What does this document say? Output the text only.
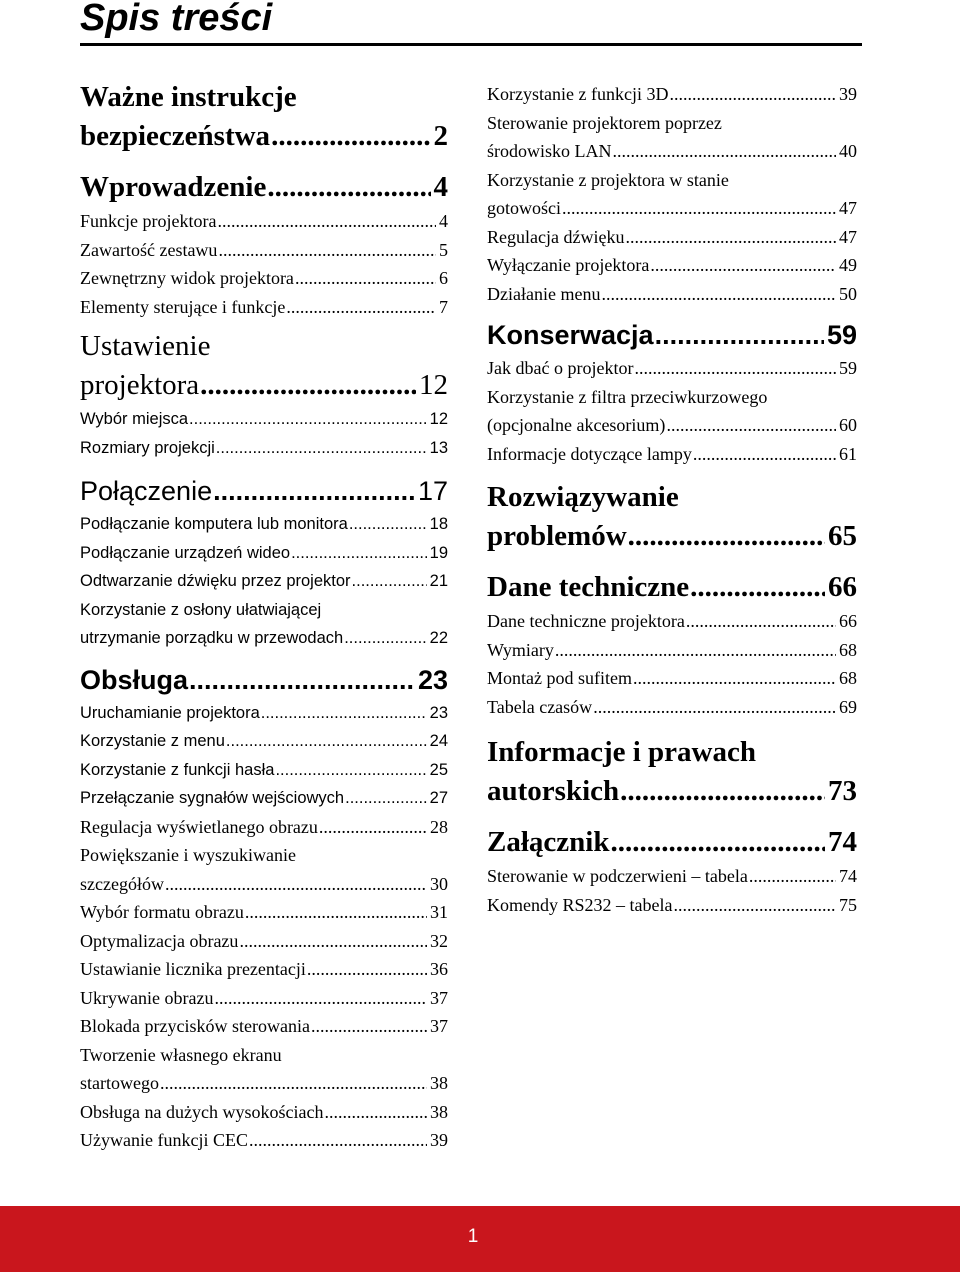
Spis treści
Ważne instrukcje
bezpieczeństwa .....	2
Wprowadzenie .....	4
Funkcje projektora .....	4
Zawartość zestawu .....	5
Zewnętrzny widok projektora .....	6
Elementy sterujące i funkcje .....	7
Ustawienie
projektora .....	12
Wybór miejsca .....	12
Rozmiary projekcji .....	13
Połączenie .....	17
Podłączanie komputera lub monitora .....	18
Podłączanie urządzeń wideo .....	19
Odtwarzanie dźwięku przez projektor .....	21
Korzystanie z osłony ułatwiającej
utrzymanie porządku w przewodach .....	22
Obsługa .....	23
Uruchamianie projektora .....	23
Korzystanie z menu .....	24
Korzystanie z funkcji hasła .....	25
Przełączanie sygnałów wejściowych .....	27
Regulacja wyświetlanego obrazu .....	28
Powiększanie i wyszukiwanie
szczegółów .....	30
Wybór formatu obrazu .....	31
Optymalizacja obrazu .....	32
Ustawianie licznika prezentacji .....	36
Ukrywanie obrazu .....	37
Blokada przycisków sterowania .....	37
Tworzenie własnego ekranu
startowego .....	38
Obsługa na dużych wysokościach .....	38
Używanie funkcji CEC .....	39
Korzystanie z funkcji 3D .....	39
Sterowanie projektorem poprzez
środowisko LAN .....	40
Korzystanie z projektora w stanie
gotowości .....	47
Regulacja dźwięku .....	47
Wyłączanie projektora .....	49
Działanie menu .....	50
Konserwacja .....	59
Jak dbać o projektor .....	59
Korzystanie z filtra przeciwkurzowego
(opcjonalne akcesorium) .....	60
Informacje dotyczące lampy .....	61
Rozwiązywanie
problemów .....	65
Dane techniczne .....	66
Dane techniczne projektora .....	66
Wymiary .....	68
Montaż pod sufitem .....	68
Tabela czasów .....	69
Informacje i prawach
autorskich .....	73
Załącznik .....	74
Sterowanie w podczerwieni – tabela .....	74
Komendy RS232 – tabela .....	75
1
